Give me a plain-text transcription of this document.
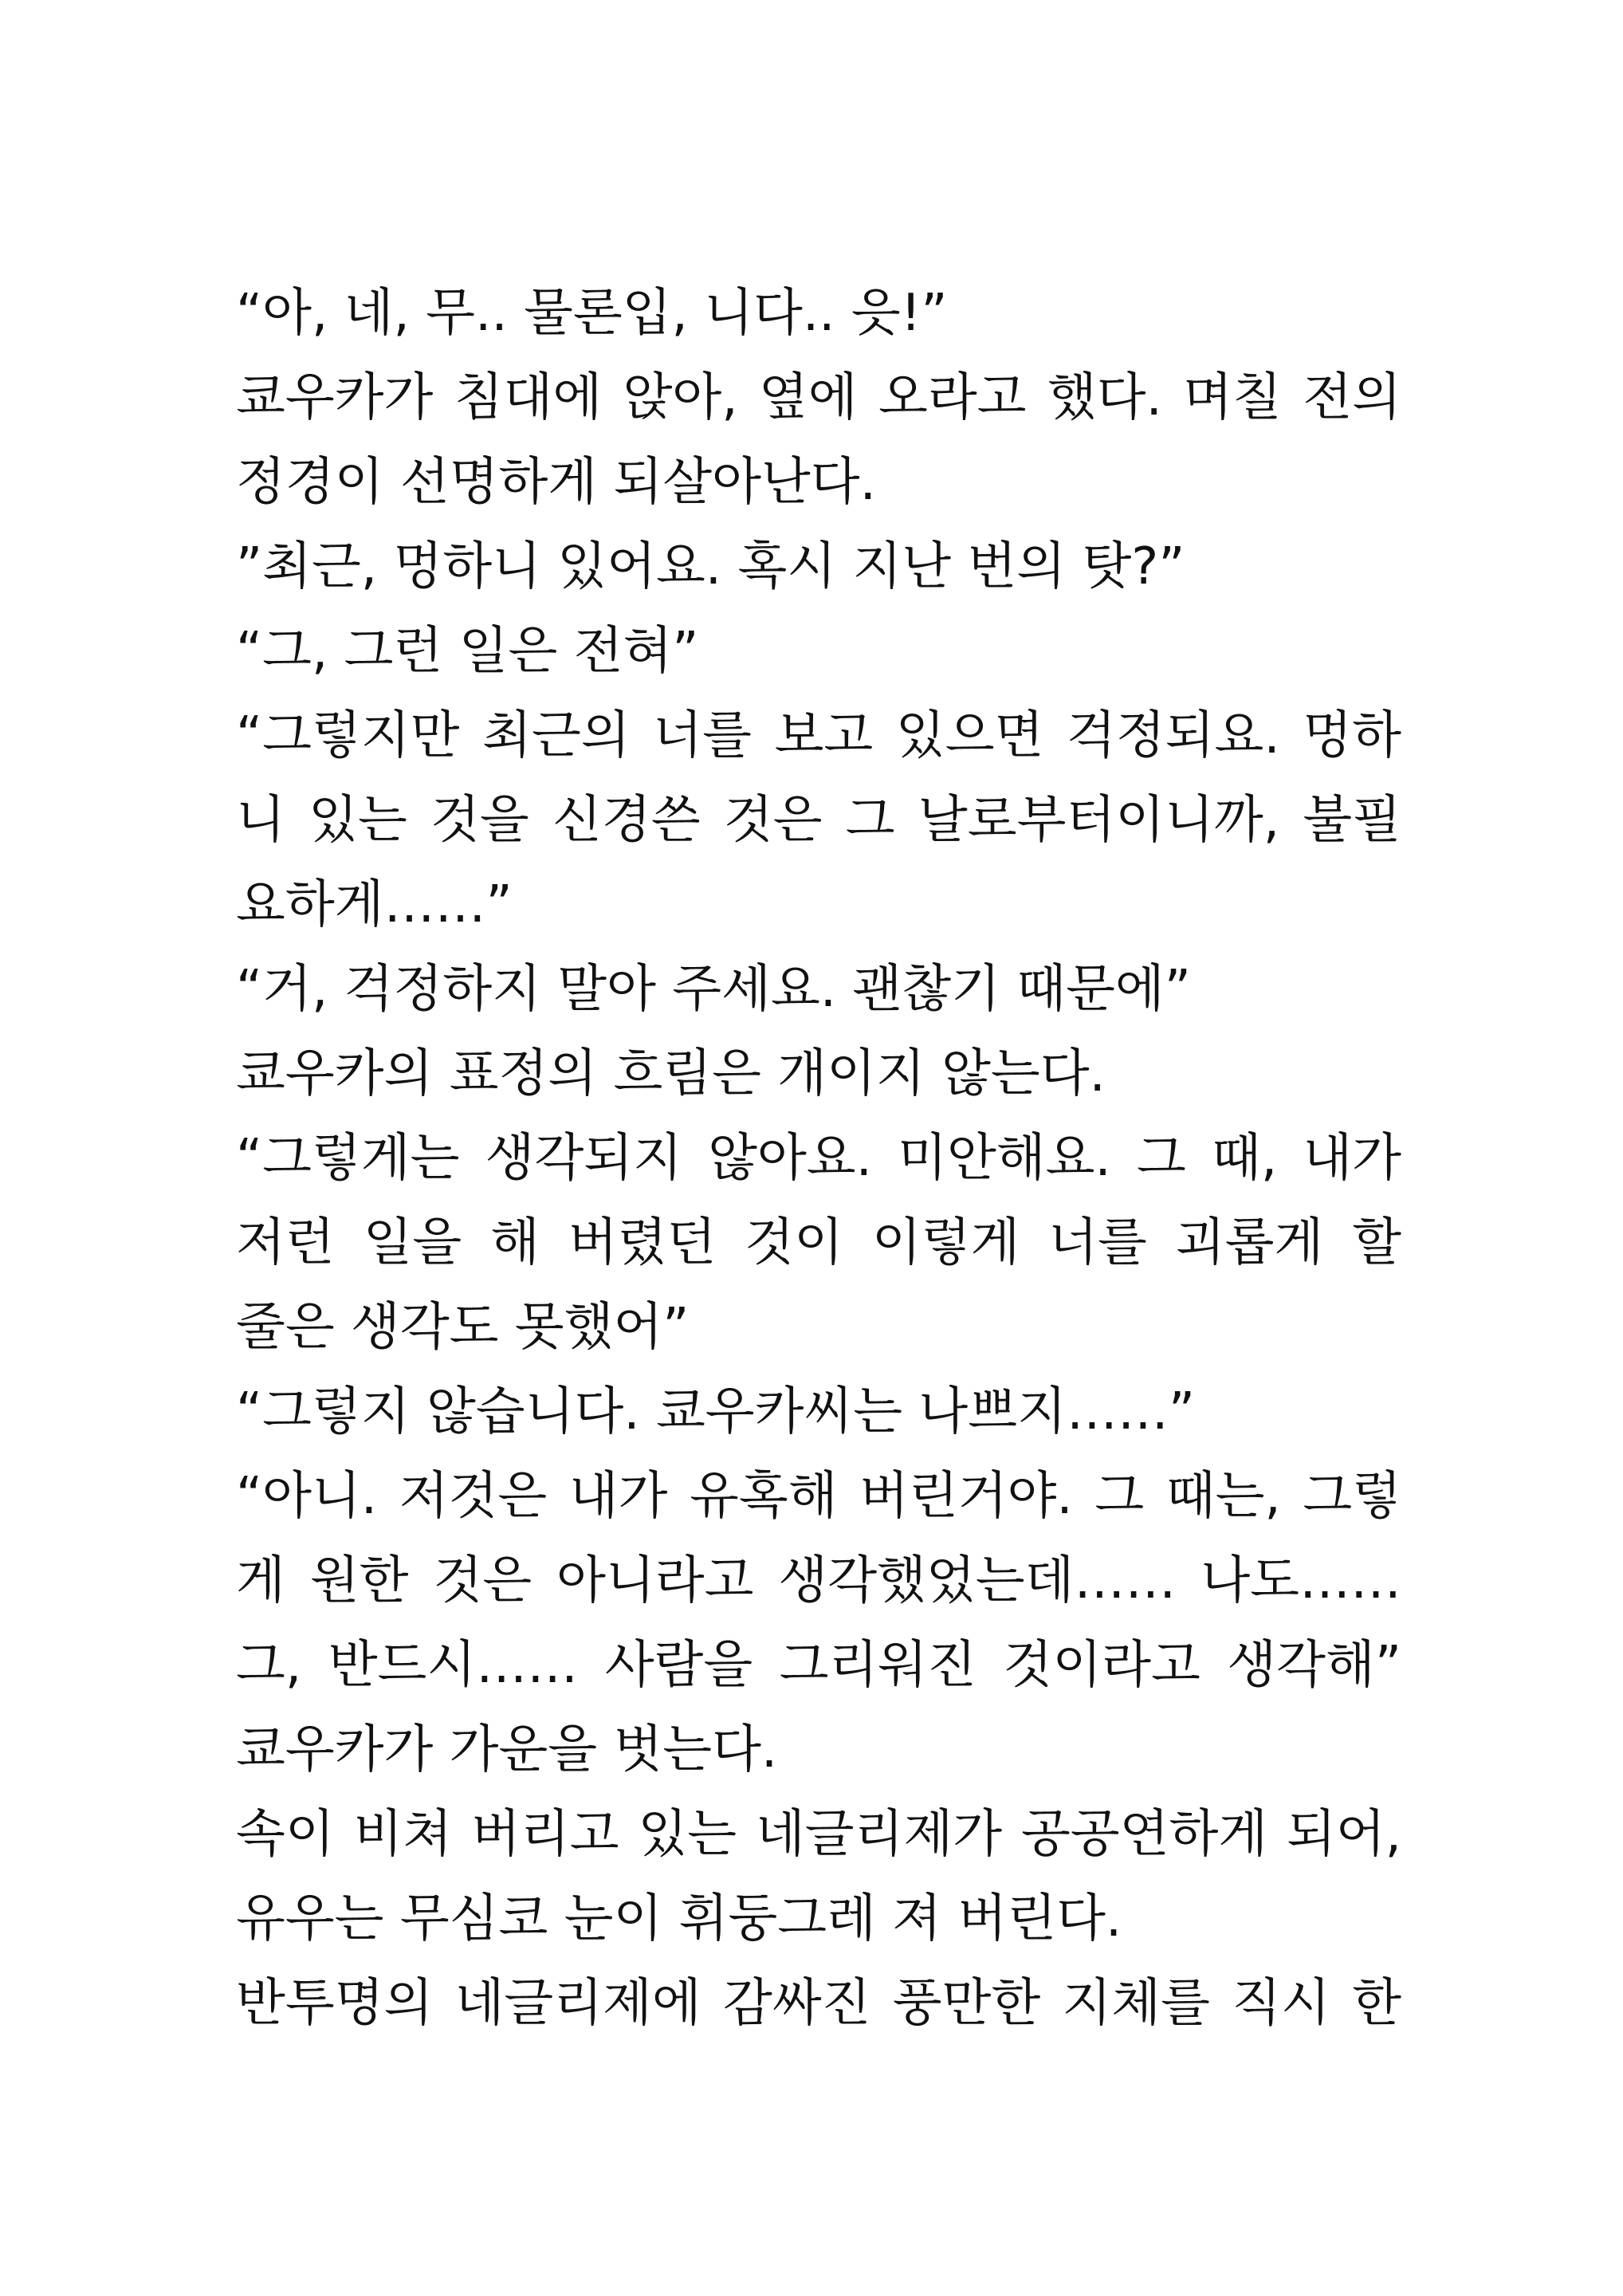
“아, 네, 무.. 물론입, 니다.. 읏!”
쿄우카가 침대에 앉아, 옆에 오라고 했다. 며칠 전의
정경이 선명하게 되살아난다.
”최근, 멍하니 있어요. 혹시 지난 번의 탓?”
“그, 그런 일은 전혀”
“그렇지만 최근의 너를 보고 있으면 걱정되요. 멍하
니 있는 것을 신경쓴 것은 그 날로부터이니까, 불필
요하게……”
“거, 걱정하지 말아 주세요. 괜찮기 때문에”
쿄우카의 표정의 흐림은 개이지 않는다.
“그렇게는 생각되지 않아요. 미안해요. 그 때, 내가
저런 일을 해 버렸던 것이 이렇게 너를 괴롭게 할
줄은 생각도 못했어”
“그렇지 않습니다. 쿄우카씨는 나쁘지……”
“아니. 저것은 내가 유혹해 버린거야. 그 때는, 그렇
게 원한 것은 아니라고 생각했었는데…… 나도……
그, 반드시…… 사람을 그리워진 것이라고 생각해”
쿄우카가 가운을 벗는다.
속이 비쳐 버리고 있는 네글리제가 공공연하게 되어,
유우는 무심코 눈이 휘둥그레 져 버린다.
반투명의 네글리제에 감싸진 풍만한 지체를 직시 한
